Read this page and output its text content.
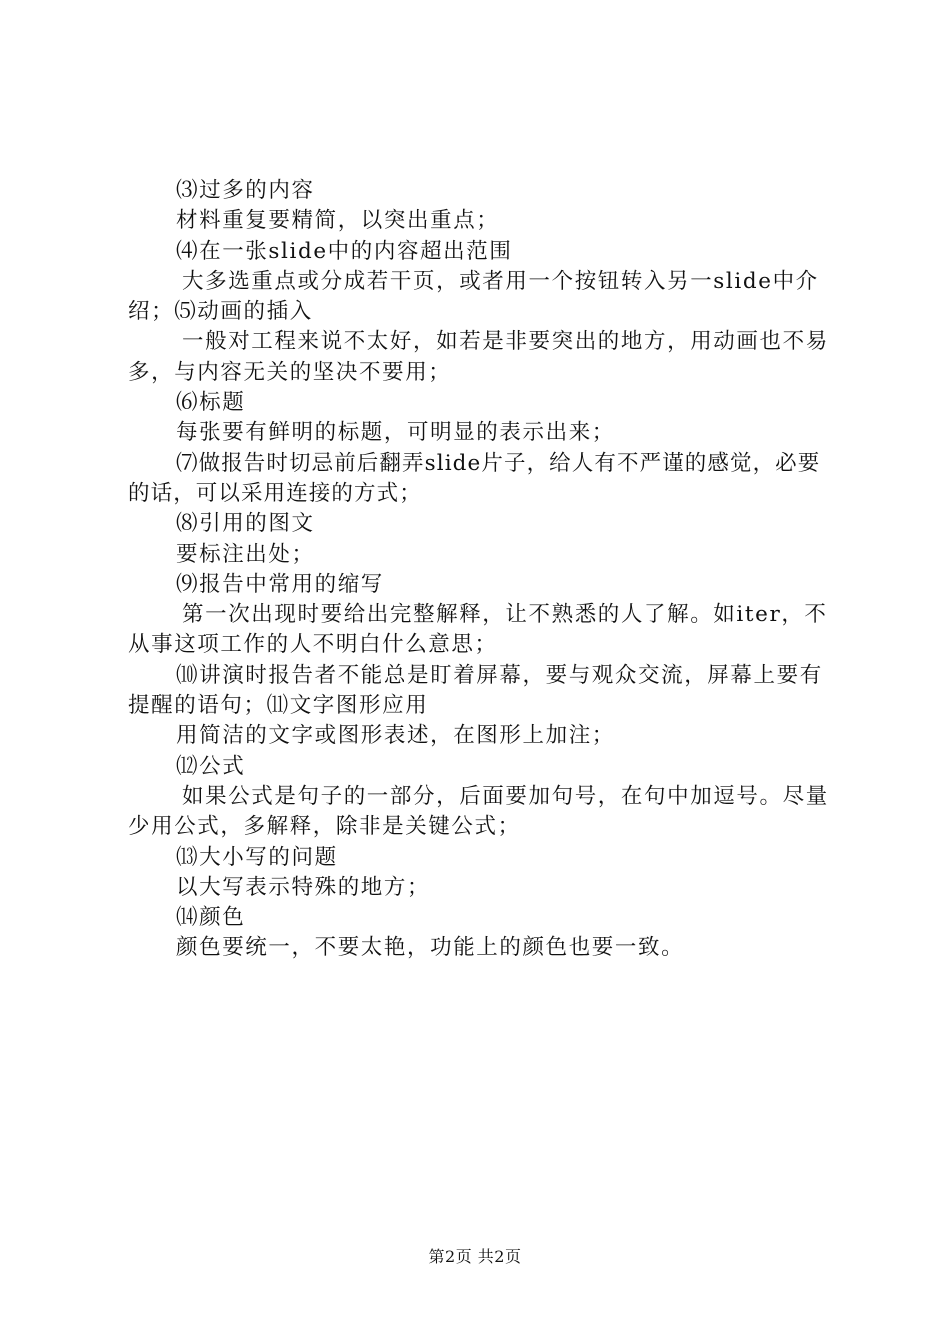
⑶过多的内容

材料重复要精简，以突出重点；

⑷在一张slide中的内容超出范围

大多选重点或分成若干页，或者用一个按钮转入另一slide中介绍；⑸动画的插入

一般对工程来说不太好，如若是非要突出的地方，用动画也不易多，与内容无关的坚决不要用；

⑹标题

每张要有鲜明的标题，可明显的表示出来；

⑺做报告时切忌前后翻弄slide片子，给人有不严谨的感觉，必要的话，可以采用连接的方式；

⑻引用的图文

要标注出处；

⑼报告中常用的缩写

第一次出现时要给出完整解释，让不熟悉的人了解。如iter，不从事这项工作的人不明白什么意思；

⑽讲演时报告者不能总是盯着屏幕，要与观众交流，屏幕上要有提醒的语句；⑾文字图形应用

用简洁的文字或图形表述，在图形上加注；

⑿公式

如果公式是句子的一部分，后面要加句号，在句中加逗号。尽量少用公式，多解释，除非是关键公式；

⒀大小写的问题

以大写表示特殊的地方；

⒁颜色

颜色要统一，不要太艳，功能上的颜色也要一致。

第2页 共2页
